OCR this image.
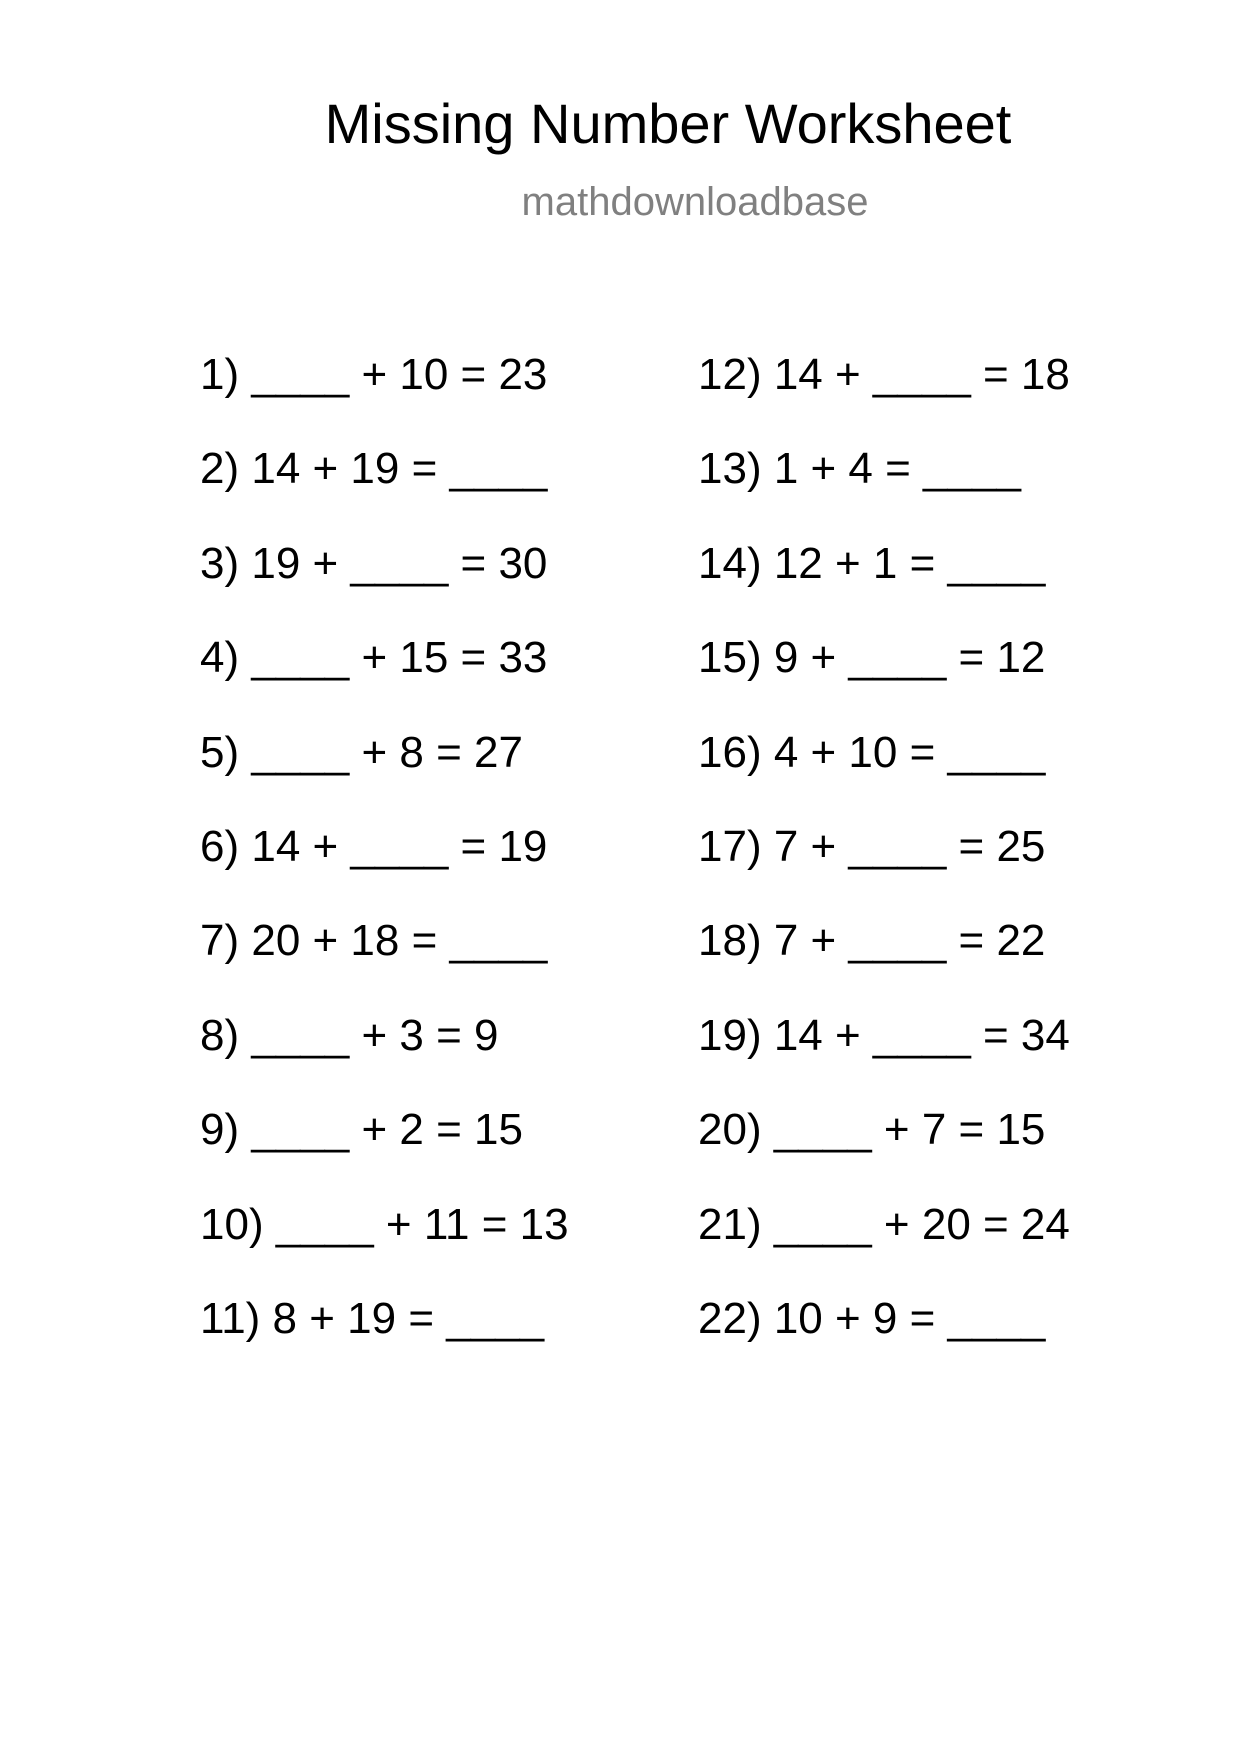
Missing Number Worksheet
mathdownloadbase
1) ____ + 10 = 23
2) 14 + 19 = ____
3) 19 + ____ = 30
4) ____ + 15 = 33
5) ____ + 8 = 27
6) 14 + ____ = 19
7) 20 + 18 = ____
8) ____ + 3 = 9
9) ____ + 2 = 15
10) ____ + 11 = 13
11) 8 + 19 = ____
12) 14 + ____ = 18
13) 1 + 4 = ____
14) 12 + 1 = ____
15) 9 + ____ = 12
16) 4 + 10 = ____
17) 7 + ____ = 25
18) 7 + ____ = 22
19) 14 + ____ = 34
20) ____ + 7 = 15
21) ____ + 20 = 24
22) 10 + 9 = ____
